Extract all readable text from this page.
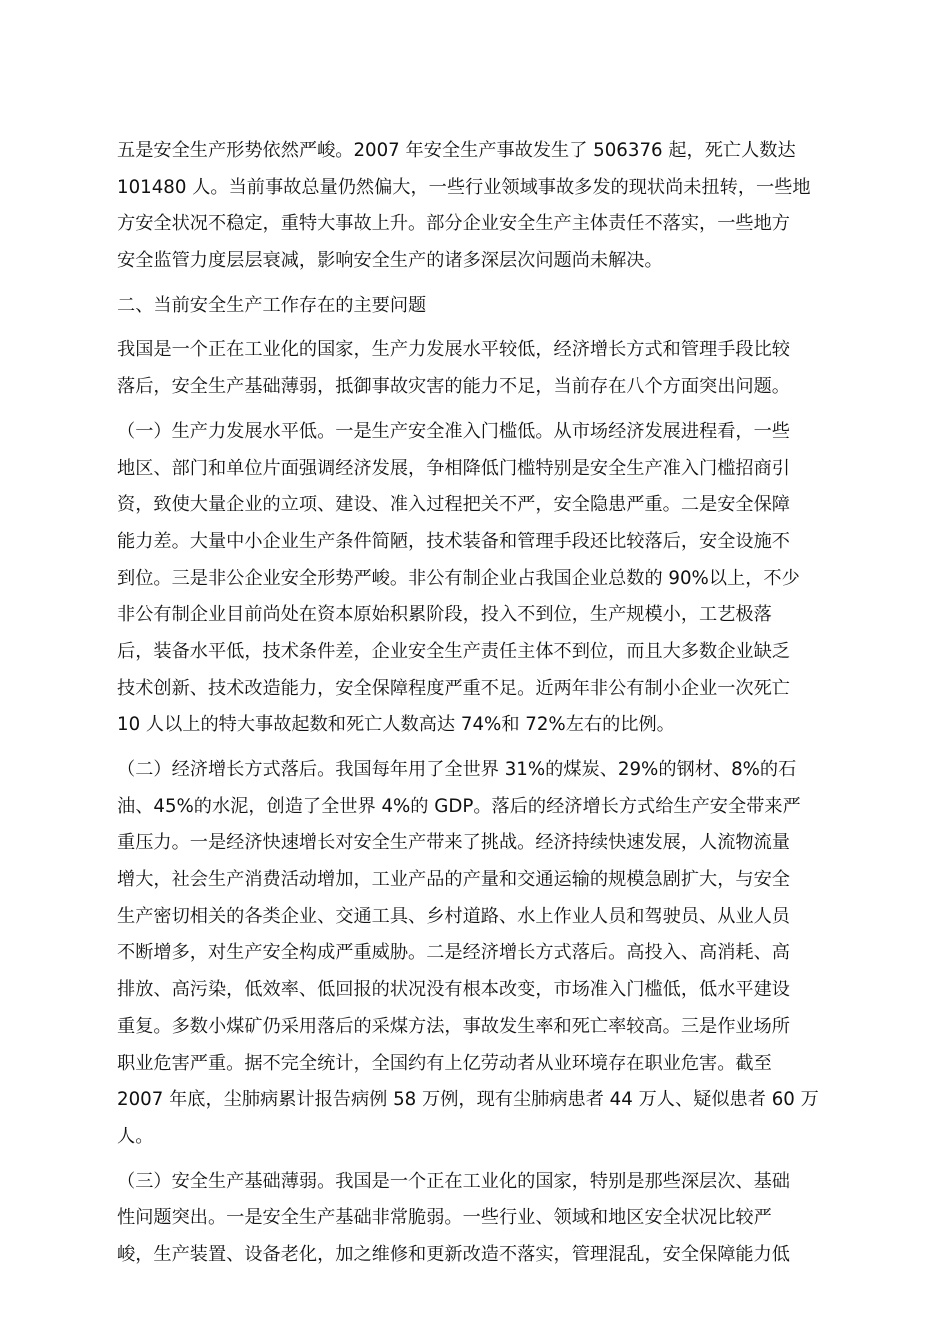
五是安全生产形势依然严峻。2007 年安全生产事故发生了 506376 起，死亡人数达
101480 人。当前事故总量仍然偏大，一些行业领域事故多发的现状尚未扭转，一些地
方安全状况不稳定，重特大事故上升。部分企业安全生产主体责任不落实，一些地方
安全监管力度层层衰减，影响安全生产的诸多深层次问题尚未解决。
二、当前安全生产工作存在的主要问题
我国是一个正在工业化的国家，生产力发展水平较低，经济增长方式和管理手段比较
落后，安全生产基础薄弱，抵御事故灾害的能力不足，当前存在八个方面突出问题。
（一）生产力发展水平低。一是生产安全准入门槛低。从市场经济发展进程看，一些
地区、部门和单位片面强调经济发展，争相降低门槛特别是安全生产准入门槛招商引
资，致使大量企业的立项、建设、准入过程把关不严，安全隐患严重。二是安全保障
能力差。大量中小企业生产条件简陋，技术装备和管理手段还比较落后，安全设施不
到位。三是非公企业安全形势严峻。非公有制企业占我国企业总数的 90%以上，不少
非公有制企业目前尚处在资本原始积累阶段，投入不到位，生产规模小，工艺极落
后，装备水平低，技术条件差，企业安全生产责任主体不到位，而且大多数企业缺乏
技术创新、技术改造能力，安全保障程度严重不足。近两年非公有制小企业一次死亡
10 人以上的特大事故起数和死亡人数高达 74%和 72%左右的比例。
（二）经济增长方式落后。我国每年用了全世界 31%的煤炭、29%的钢材、8%的石
油、45%的水泥，创造了全世界 4%的 GDP。落后的经济增长方式给生产安全带来严
重压力。一是经济快速增长对安全生产带来了挑战。经济持续快速发展，人流物流量
增大，社会生产消费活动增加，工业产品的产量和交通运输的规模急剧扩大，与安全
生产密切相关的各类企业、交通工具、乡村道路、水上作业人员和驾驶员、从业人员
不断增多，对生产安全构成严重威胁。二是经济增长方式落后。高投入、高消耗、高
排放、高污染，低效率、低回报的状况没有根本改变，市场准入门槛低，低水平建设
重复。多数小煤矿仍采用落后的采煤方法，事故发生率和死亡率较高。三是作业场所
职业危害严重。据不完全统计，全国约有上亿劳动者从业环境存在职业危害。截至
2007 年底，尘肺病累计报告病例 58 万例，现有尘肺病患者 44 万人、疑似患者 60 万
人。
（三）安全生产基础薄弱。我国是一个正在工业化的国家，特别是那些深层次、基础
性问题突出。一是安全生产基础非常脆弱。一些行业、领域和地区安全状况比较严
峻，生产装置、设备老化，加之维修和更新改造不落实，管理混乱，安全保障能力低
